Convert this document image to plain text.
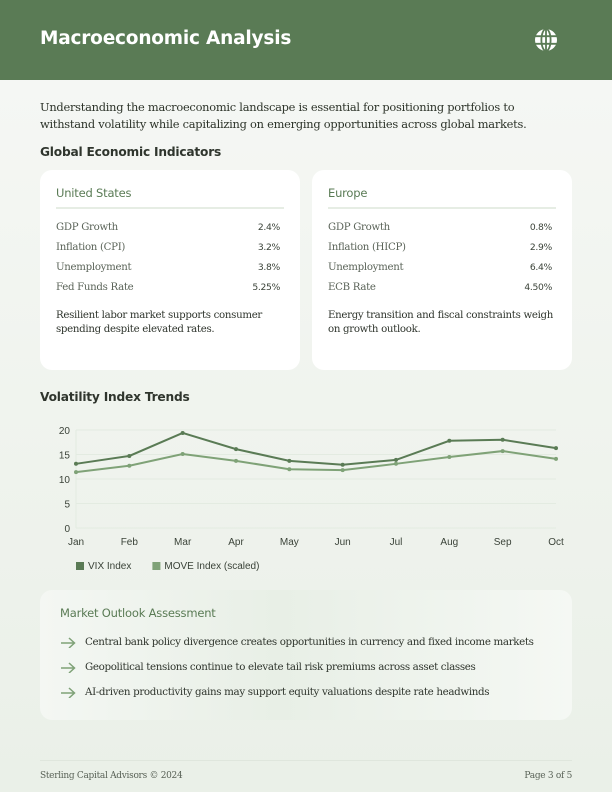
Macroeconomic Analysis

Understanding the macroeconomic landscape is essential for positioning portfolios to withstand volatility while capitalizing on emerging opportunities across global markets.

Global Economic Indicators
United States
GDP Growth	2.4%
Inflation (CPI)	3.2%
Unemployment	3.8%
Fed Funds Rate	5.25%

Resilient labor market supports consumer spending despite elevated rates.

Europe
GDP Growth	0.8%
Inflation (HICP)	2.9%
Unemployment	6.4%
ECB Rate	4.50%

Energy transition and fiscal constraints weigh on growth outlook.

Volatility Index Trends
0
5
10
15
20
Jan	Feb	Mar	Apr	May	Jun	Jul	Aug	Sep	Oct
VIX Index	MOVE Index (scaled)
Market Outlook Assessment
Central bank policy divergence creates opportunities in currency and fixed income markets
Geopolitical tensions continue to elevate tail risk premiums across asset classes
AI-driven productivity gains may support equity valuations despite rate headwinds
Sterling Capital Advisors © 2024	Page 3 of 5
